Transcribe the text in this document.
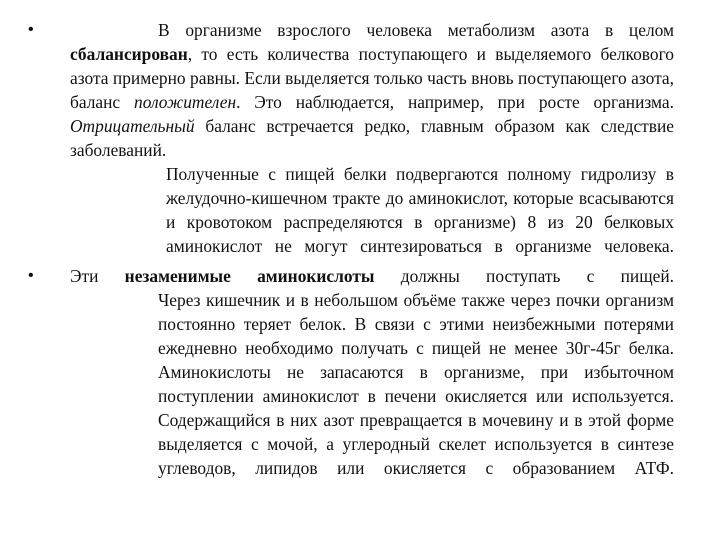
•	В организме взрослого человека метаболизм азота в целом
сбалансирован, то есть количества поступающего и выделяемого белкового азота примерно равны. Если выделяется только часть вновь поступающего азота, баланс положителен. Это наблюдается, например, при росте организма. Отрицательный баланс встречается редко, главным образом как следствие заболеваний.
Полученные с пищей белки подвергаются полному гидролизу в желудочно-кишечном тракте до аминокислот, которые всасываются и кровотоком распределяются в организме) 8 из 20 белковых аминокислот не могут синтезироваться в организме человека.
• Эти незаменимые аминокислоты должны поступать с пищей.
Через кишечник и в небольшом объёме также через почки организм постоянно теряет белок. В связи с этими неизбежными потерями ежедневно необходимо получать с пищей не менее 30г-45г белка. Аминокислоты не запасаются в организме, при избыточном поступлении аминокислот в печени окисляется или используется. Содержащийся в них азот превращается в мочевину и в этой форме выделяется с мочой, а углеродный скелет используется в синтезе углеводов, липидов или окисляется с образованием АТФ.
